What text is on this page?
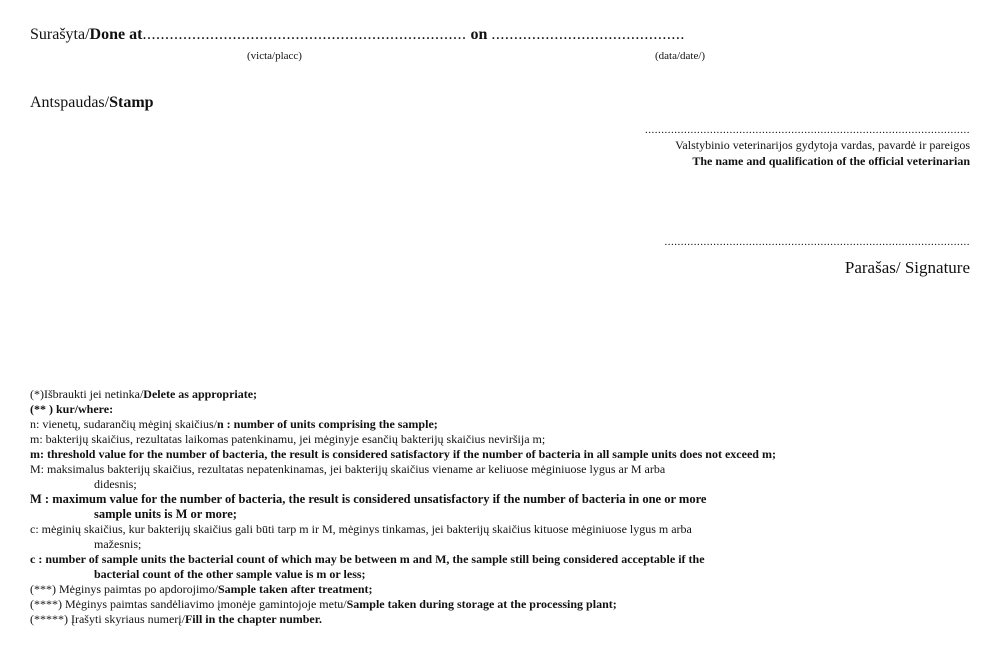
Surašyta/Done at........................................................................ on ...........................................
(victa/placc)	(data/date/)
Antspaudas/Stamp
....................................................................................................
Valstybinio veterinarijos gydytoja vardas, pavardė ir pareigos
The name and qualification of the official veterinarian
..............................................................................................
Parašas/ Signature
(*)Išbraukti jei netinka/Delete as appropriate;
(** ) kur/where:
n: vienetų, sudarančių mėginį skaičius/n : number of units comprising the sample;
m: bakterijų skaičius, rezultatas laikomas patenkinamu, jei mėginyje esančių bakterijų skaičius neviršija m;
m: threshold value for the number of bacteria, the result is considered satisfactory if the number of bacteria in all sample units does not exceed m;
M: maksimalus bakterijų skaičius, rezultatas nepatenkinamas, jei bakterijų skaičius viename ar keliuose mėginiuose lygus ar M arba
didesnis;
M : maximum value for the number of bacteria, the result is considered unsatisfactory if the number of bacteria in one or more
sample units is M or more;
c: mėginių skaičius, kur bakterijų skaičius gali būti tarp m ir M, mėginys tinkamas, jei bakterijų skaičius kituose mėginiuose lygus m arba
mažesnis;
c : number of sample units the bacterial count of which may be between m and M, the sample still being considered acceptable if the
bacterial count of the other sample value is m or less;
(***) Mėginys paimtas po apdorojimo/Sample taken after treatment;
(****) Mėginys paimtas sandėliavimo įmonėje gamintojoje metu/Sample taken during storage at the processing plant;
(*****) Įrašyti skyriaus numerį/Fill in the chapter number.
